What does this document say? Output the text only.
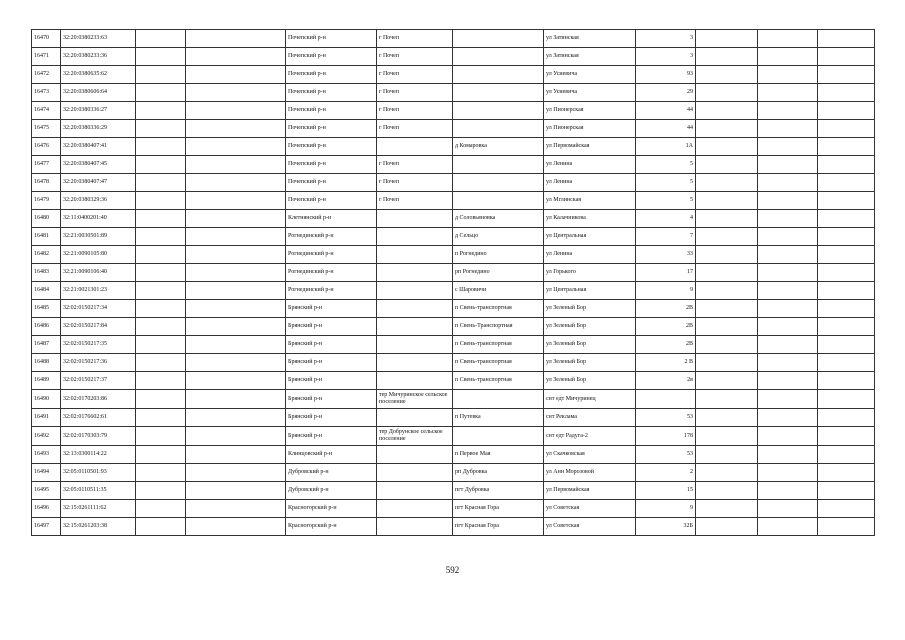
16470	32:20:0380233:63			Почепский р-н	г Почеп		ул Затинская	3			
16471	32:20:0380233:36			Почепский р-н	г Почеп		ул Затинская	3			
16472	32:20:0380635:62			Почепский р-н	г Почеп		ул Усиевича	93			
16473	32:20:0380606:64			Почепский р-н	г Почеп		ул Усиевича	29			
16474	32:20:0380336:27			Почепский р-н	г Почеп		ул Пионерская	44			
16475	32:20:0380336:29			Почепский р-н	г Почеп		ул Пионерская	44			
16476	32:20:0380407:41			Почепский р-н		д Комаровка	ул Первомайская	1А			
16477	32:20:0380407:45			Почепский р-н	г Почеп		ул Ленина	5			
16478	32:20:0380407:47			Почепский р-н	г Почеп		ул Ленина	5			
16479	32:20:0380329:36			Почепский р-н	г Почеп		ул Мглинская	5			
16480	32:11:0400201:40			Клетнянский р-н		д Соловьяновка	ул Калачникова	4			
16481	32:21:0030501:89			Рогнединский р-н		д Сельцо	ул Центральная	7			
16482	32:21:0090105:80			Рогнединский р-н		п Рогнедино	ул Ленина	33			
16483	32:21:0090106:40			Рогнединский р-н		рп Рогнедино	ул Горького	17			
16484	32:21:0021301:23			Рогнединский р-н		с Шаровичи	ул Центральная	9			
16485	32:02:0150217:34			Брянский р-н		п Свень-транспортная	ул Зеленый Бор	2В			
16486	32:02:0150217:84			Брянский р-н		п Свень-Транспортная	ул Зеленый Бор	2В			
16487	32:02:0150217:35			Брянский р-н		п Свень-транспортная	ул Зеленый Бор	2В			
16488	32:02:0150217:36			Брянский р-н		п Свень-транспортная	ул Зеленый Бор	2 В			
16489	32:02:0150217:37			Брянский р-н		п Свень-транспортная	ул Зеленый Бор	2в			
16490	32:02:0170203:86			Брянский р-н	тер Мичуринское сельское поселение		снт едт Мичуринец				
16491	32:02:0176602:61			Брянский р-н		п Путевка	снт Реклама	53			
16492	32:02:0170303:79			Брянский р-н	тер Добрунское сельское поселение		снт едт Радуга-2	178			
16493	32:13:0300114:22			Клинцовский р-н		п Первое Мая	ул Скачковская	53			
16494	32:05:0110501:93			Дубровский р-н		рп Дубровка	ул Анн Морозовой	2			
16495	32:05:0110511:35			Дубровский р-н		пгт Дубровка	ул Первомайская	15			
16496	32:15:0261111:62			Красногорский р-н		пгт Красная Гора	ул Советская	9			
16497	32:15:0261203:38			Красногорский р-н		пгт Красная Гора	ул Советская	32Б			
592
